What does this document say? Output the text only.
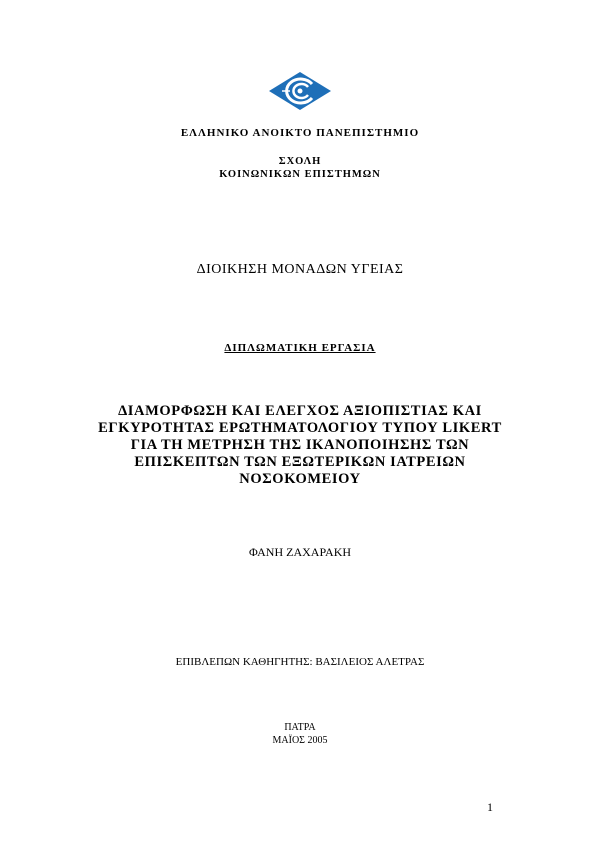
ΕΛΛΗΝΙΚΟ ΑΝΟΙΚΤΟ ΠΑΝΕΠΙΣΤΗΜΙΟ
ΣΧΟΛΗ
ΚΟΙΝΩΝΙΚΩΝ ΕΠΙΣΤΗΜΩΝ
ΔΙΟΙΚΗΣΗ ΜΟΝΑΔΩΝ ΥΓΕΙΑΣ
ΔΙΠΛΩΜΑΤΙΚΗ ΕΡΓΑΣΙΑ
ΔΙΑΜΟΡΦΩΣΗ ΚΑΙ ΕΛΕΓΧΟΣ ΑΞΙΟΠΙΣΤΙΑΣ ΚΑΙ
ΕΓΚΥΡΟΤΗΤΑΣ ΕΡΩΤΗΜΑΤΟΛΟΓΙΟΥ ΤΥΠΟΥ LIKERT
ΓΙΑ ΤΗ ΜΕΤΡΗΣΗ ΤΗΣ ΙΚΑΝΟΠΟΙΗΣΗΣ ΤΩΝ
ΕΠΙΣΚΕΠΤΩΝ ΤΩΝ ΕΞΩΤΕΡΙΚΩΝ ΙΑΤΡΕΙΩΝ
ΝΟΣΟΚΟΜΕΙΟΥ
ΦΑΝΗ ΖΑΧΑΡΑΚΗ
ΕΠΙΒΛΕΠΩΝ ΚΑΘΗΓΗΤΗΣ: ΒΑΣΙΛΕΙΟΣ ΑΛΕΤΡΑΣ
ΠΑΤΡΑ
ΜΑΪΟΣ 2005
1
